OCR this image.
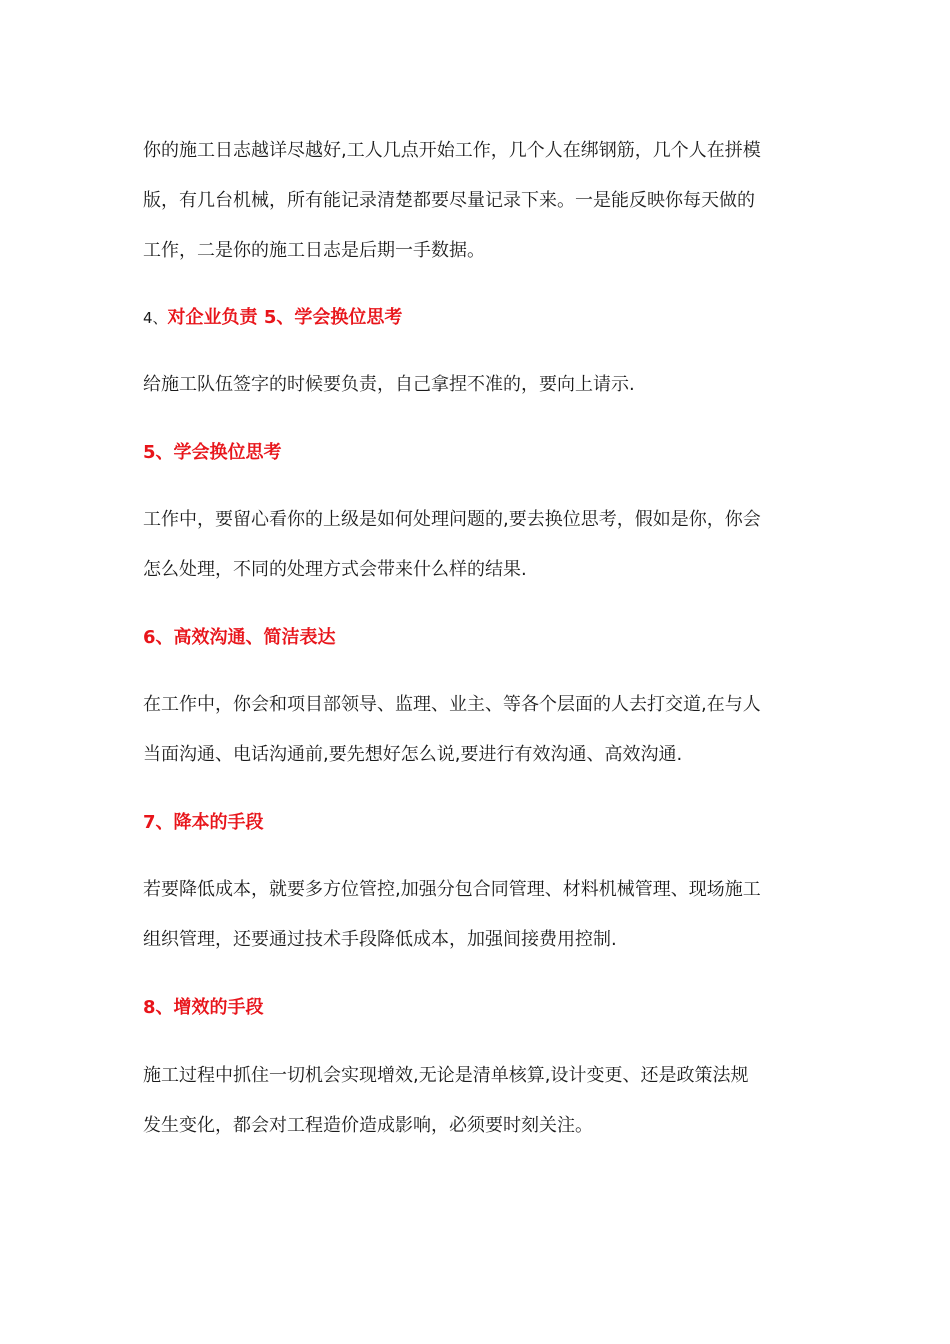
你的施工日志越详尽越好,工人几点开始工作，几个人在绑钢筋，几个人在拼模
版，有几台机械，所有能记录清楚都要尽量记录下来。一是能反映你每天做的
工作，二是你的施工日志是后期一手数据。

4、对企业负责 5、学会换位思考

给施工队伍签字的时候要负责，自己拿捏不准的，要向上请示.

5、学会换位思考

工作中，要留心看你的上级是如何处理问题的,要去换位思考，假如是你，你会
怎么处理，不同的处理方式会带来什么样的结果.

6、高效沟通、简洁表达

在工作中，你会和项目部领导、监理、业主、等各个层面的人去打交道,在与人
当面沟通、电话沟通前,要先想好怎么说,要进行有效沟通、高效沟通.

7、降本的手段

若要降低成本，就要多方位管控,加强分包合同管理、材料机械管理、现场施工
组织管理，还要通过技术手段降低成本，加强间接费用控制.

8、增效的手段

施工过程中抓住一切机会实现增效,无论是清单核算,设计变更、还是政策法规
发生变化，都会对工程造价造成影响，必须要时刻关注。
